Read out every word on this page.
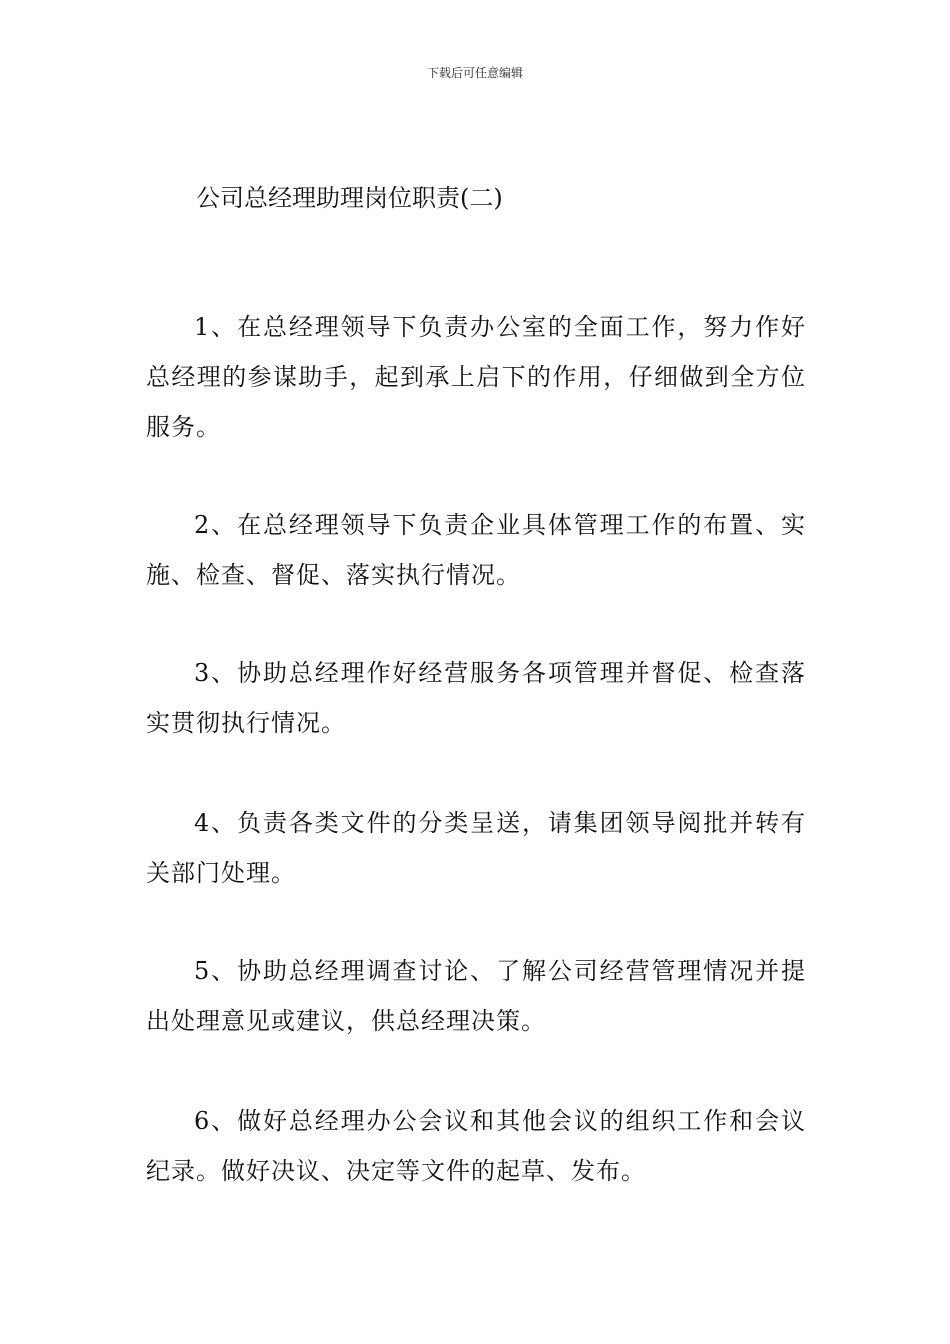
下载后可任意编辑
公司总经理助理岗位职责(二)

1、在总经理领导下负责办公室的全面工作，努力作好总经理的参谋助手，起到承上启下的作用，仔细做到全方位服务。

2、在总经理领导下负责企业具体管理工作的布置、实施、检查、督促、落实执行情况。

3、协助总经理作好经营服务各项管理并督促、检查落实贯彻执行情况。

4、负责各类文件的分类呈送，请集团领导阅批并转有关部门处理。

5、协助总经理调查讨论、了解公司经营管理情况并提出处理意见或建议，供总经理决策。

6、做好总经理办公会议和其他会议的组织工作和会议纪录。做好决议、决定等文件的起草、发布。
